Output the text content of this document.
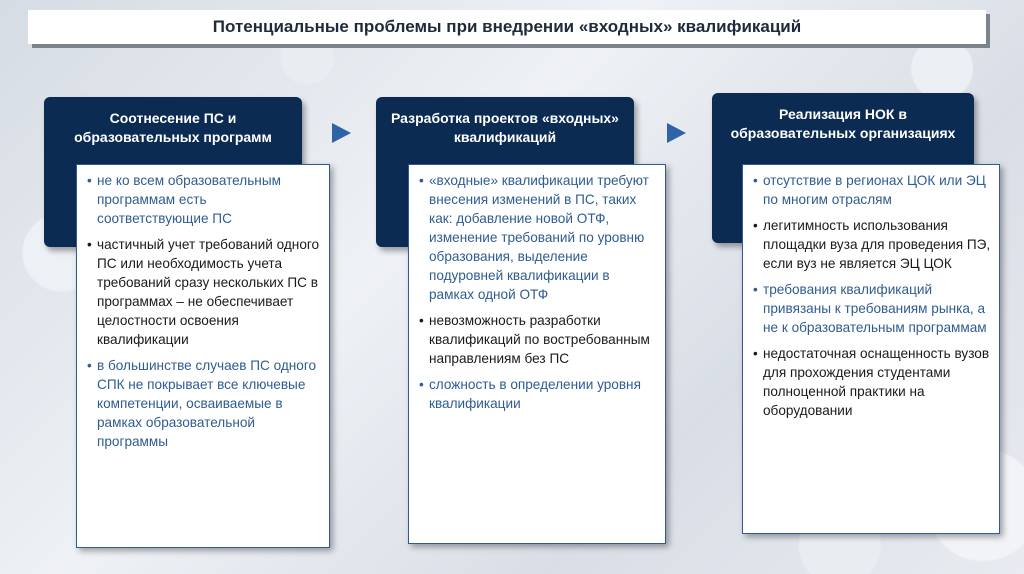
Потенциальные проблемы при внедрении «входных» квалификаций
Соотнесение ПС и образовательных программ
• не ко всем образовательным программам есть соответствующие ПС
• частичный учет требований одного ПС или необходимость учета требований сразу нескольких ПС в программах – не обеспечивает целостности освоения квалификации
• в большинстве случаев ПС одного СПК не покрывает все ключевые компетенции, осваиваемые в рамках образовательной программы
Разработка проектов «входных» квалификаций
• «входные» квалификации требуют внесения изменений в ПС, таких как: добавление новой ОТФ, изменение требований по уровню образования, выделение подуровней квалификации в рамках одной ОТФ
• невозможность разработки квалификаций по востребованным направлениям без ПС
• сложность в определении уровня квалификации
Реализация НОК в образовательных организациях
• отсутствие в регионах ЦОК или ЭЦ по многим отраслям
• легитимность использования площадки вуза для проведения ПЭ, если вуз не является ЭЦ ЦОК
• требования квалификаций привязаны к требованиям рынка, а не к образовательным программам
• недостаточная оснащенность вузов для прохождения студентами полноценной практики на оборудовании
